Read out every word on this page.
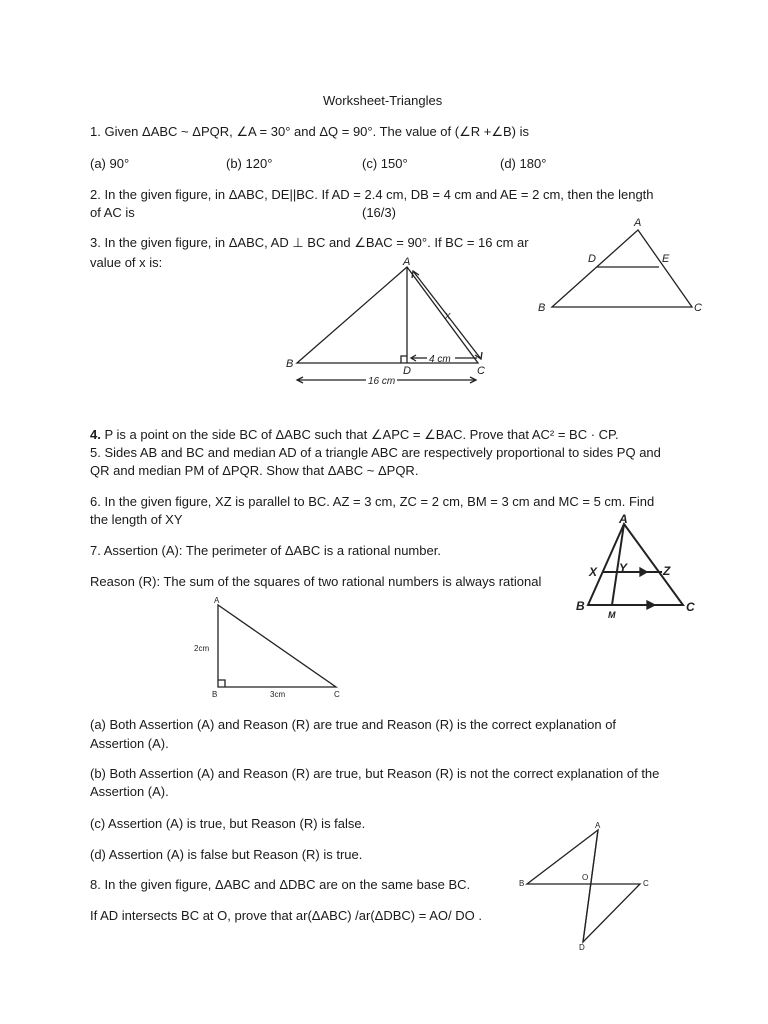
Worksheet-Triangles
1. Given ΔABC ~ ΔPQR, ∠A = 30° and ΔQ = 90°. The value of (∠R +∠B) is
(a) 90°	(b) 120°	(c) 150°	(d) 180°
2. In the given figure, in ΔABC, DE||BC. If AD = 2.4 cm, DB = 4 cm and AE = 2 cm, then the length
of AC is	(16/3)
3. In the given figure, in ΔABC, AD ⊥ BC and ∠BAC = 90°. If BC = 16 cm ar
value of x is:
A
D	E
B	C
A
B
C
D
x
4 cm
16 cm
4. P is a point on the side BC of ΔABC such that ∠APC = ∠BAC. Prove that AC² = BC · CP.
5. Sides AB and BC and median AD of a triangle ABC are respectively proportional to sides PQ and
QR and median PM of ΔPQR. Show that ΔABC ~ ΔPQR.
6. In the given figure, XZ is parallel to BC. AZ = 3 cm, ZC = 2 cm, BM = 3 cm and MC = 5 cm. Find
the length of XY	A
X Y	Z
B
M
C
7. Assertion (A): The perimeter of ΔABC is a rational number.
Reason (R): The sum of the squares of two rational numbers is always rational
A
B	C
2cm
3cm
(a) Both Assertion (A) and Reason (R) are true and Reason (R) is the correct explanation of
Assertion (A).
(b) Both Assertion (A) and Reason (R) are true, but Reason (R) is not the correct explanation of the
Assertion (A).
(c) Assertion (A) is true, but Reason (R) is false.
(d) Assertion (A) is false but Reason (R) is true.
8. In the given figure, ΔABC and ΔDBC are on the same base BC.
If AD intersects BC at O, prove that ar(ΔABC) /ar(ΔDBC) = AO/ DO .
A
B	C
O
D
